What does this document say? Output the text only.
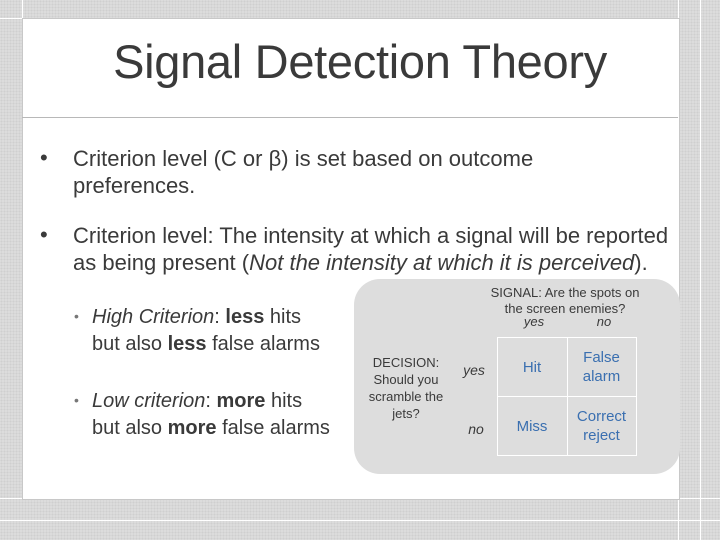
Signal Detection Theory
• Criterion level (C or β) is set based on outcome preferences.
• Criterion level: The intensity at which a signal will be reported as being present (Not the intensity at which it is perceived).
• High Criterion: less hits but also less false alarms
• Low criterion: more hits but also more false alarms
SIGNAL: Are the spots on the screen enemies?
yes	no
DECISION: Should you scramble the jets?
yes
no
Hit
False alarm
Miss
Correct reject
